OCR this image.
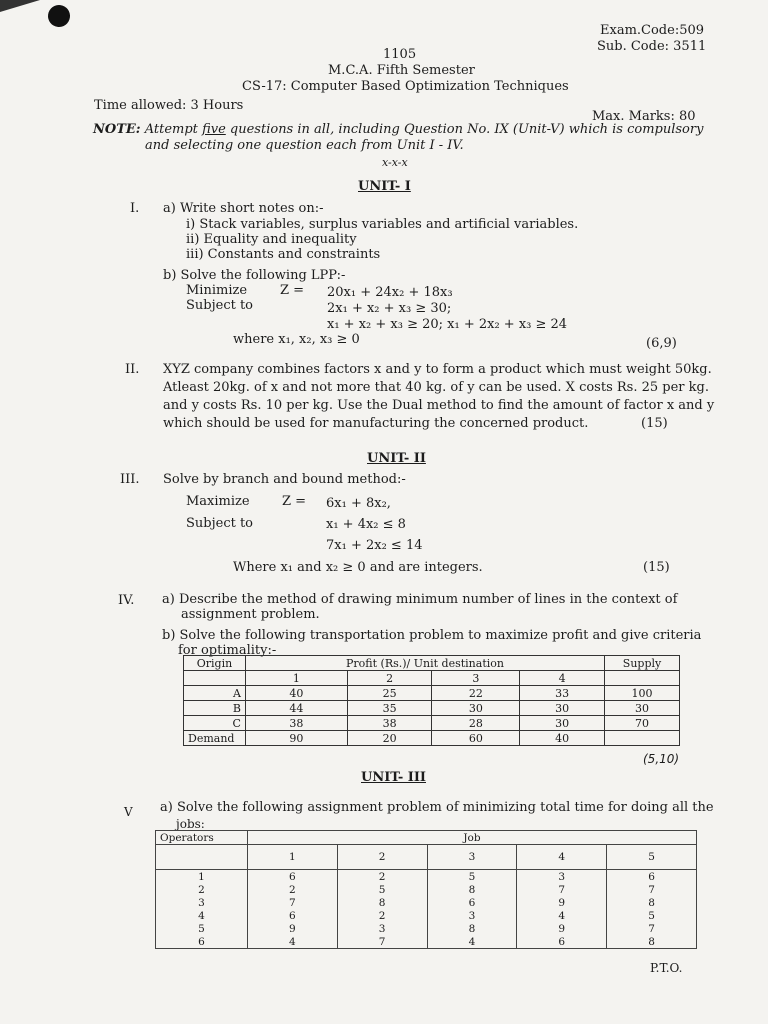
Exam.Code:509
Sub. Code: 3511
1105
M.C.A. Fifth Semester
CS-17: Computer Based Optimization Techniques
Time allowed: 3 Hours
Max. Marks: 80
NOTE: Attempt five questions in all, including Question No. IX (Unit-V) which is compulsory
and selecting one question each from Unit I - IV.
x-x-x
UNIT- I
I. a) Write short notes on:-
i) Stack variables, surplus variables and artificial variables.
ii) Equality and inequality
iii) Constants and constraints
b) Solve the following LPP:-
Minimize	Z = 20x₁ + 24x₂ + 18x₃
Subject to	2x₁ + x₂ + x₃ ≥ 30;
x₁ + x₂ + x₃ ≥ 20; x₁ + 2x₂ + x₃ ≥ 24
where x₁, x₂, x₃ ≥ 0	(6,9)
II. XYZ company combines factors x and y to form a product which must weight 50kg.
Atleast 20kg. of x and not more that 40 kg. of y can be used. X costs Rs. 25 per kg.
and y costs Rs. 10 per kg. Use the Dual method to find the amount of factor x and y
which should be used for manufacturing the concerned product.	(15)
UNIT- II
III. Solve by branch and bound method:-
Maximize Z = 6x₁ + 8x₂,
Subject to	x₁ + 4x₂ ≤ 8
7x₁ + 2x₂ ≤ 14
Where x₁ and x₂ ≥ 0 and are integers.	(15)
IV. a) Describe the method of drawing minimum number of lines in the context of
assignment problem.
b) Solve the following transportation problem to maximize profit and give criteria
for optimality:-
Origin	Profit (Rs.)/ Unit destination				Supply
	1	2	3	4	
A	40	25	22	33	100
B	44	35	30	30	30
C	38	38	28	30	70
Demand	90	20	60	40	
(5,10)
UNIT- III
V a) Solve the following assignment problem of minimizing total time for doing all the
jobs:
Operators	Job				
	1	2	3	4	5
1	6	2	5	3	6
2	2	5	8	7	7
3	7	8	6	9	8
4	6	2	3	4	5
5	9	3	8	9	7
6	4	7	4	6	8
P.T.O.
